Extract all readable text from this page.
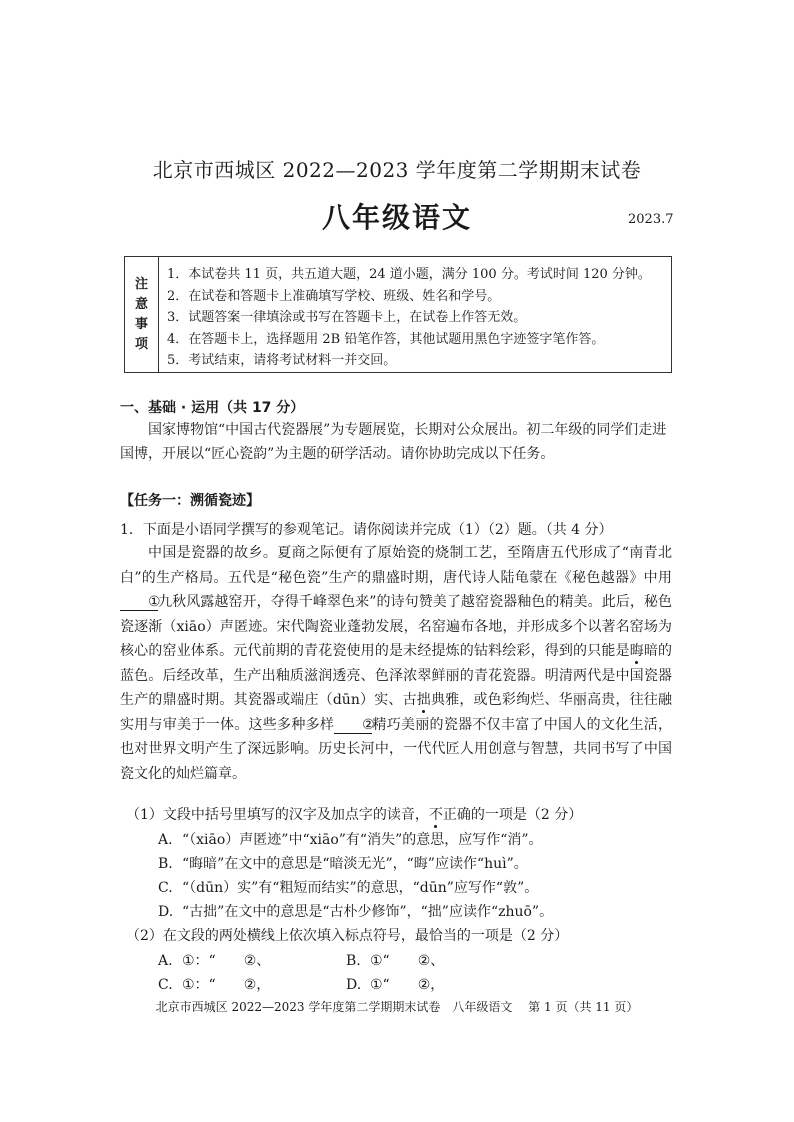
北京市西城区 2022—2023 学年度第二学期期末试卷
八年级语文	2023.7
注
意
事
项
1．本试卷共 11 页，共五道大题，24 道小题，满分 100 分。考试时间 120 分钟。
2．在试卷和答题卡上准确填写学校、班级、姓名和学号。
3．试题答案一律填涂或书写在答题卡上，在试卷上作答无效。
4．在答题卡上，选择题用 2B 铅笔作答，其他试题用黑色字迹签字笔作答。
5．考试结束，请将考试材料一并交回。
一、基础 · 运用（共 17 分）
国家博物馆“中国古代瓷器展”为专题展览，长期对公众展出。初二年级的同学们走进国博，开展以“匠心瓷韵”为主题的研学活动。请你协助完成以下任务。
【任务一：溯循瓷迹】
1．下面是小语同学撰写的参观笔记。请你阅读并完成（1）（2）题。（共 4 分）

中国是瓷器的故乡。夏商之际便有了原始瓷的烧制工艺，至隋唐五代形成了“南青北白”的生产格局。五代是“秘色瓷”生产的鼎盛时期，唐代诗人陆龟蒙在《秘色越器》中用①九秋风露越窑开，夺得千峰翠色来”的诗句赞美了越窑瓷器釉色的精美。此后，秘色瓷逐渐（xiāo）声匿迹。宋代陶瓷业蓬勃发展，名窑遍布各地，并形成多个以著名窑场为核心的窑业体系。元代前期的青花瓷使用的是未经提炼的钴料绘彩，得到的只能是晦暗的蓝色。后经改革，生产出釉质滋润透亮、色泽浓翠鲜丽的青花瓷器。明清两代是中国瓷器生产的鼎盛时期。其瓷器或端庄（dūn）实、古拙典雅，或色彩绚烂、华丽高贵，往往融实用与审美于一体。这些多种多样 ②精巧美丽的瓷器不仅丰富了中国人的文化生活，也对世界文明产生了深远影响。历史长河中，一代代匠人用创意与智慧，共同书写了中国瓷文化的灿烂篇章。

（1）文段中括号里填写的汉字及加点字的读音，不正确的一项是（2 分）
A. “（xiāo）声匿迹”中“xiāo”有“消失”的意思，应写作“消”。
B. “晦暗”在文中的意思是“暗淡无光”，“晦”应读作“huì”。
C. “（dūn）实”有“粗短而结实”的意思，“dūn”应写作“敦”。
D. “古拙”在文中的意思是“古朴少修饰”，“拙”应读作“zhuō”。
（2）在文段的两处横线上依次填入标点符号，最恰当的一项是（2 分）
A. ①：“　　②、	B. ①“　　②、
C. ①：“　　②，	D. ①“　　②，
北京市西城区 2022—2023 学年度第二学期期末试卷　八年级语文　 第 1 页（共 11 页）
